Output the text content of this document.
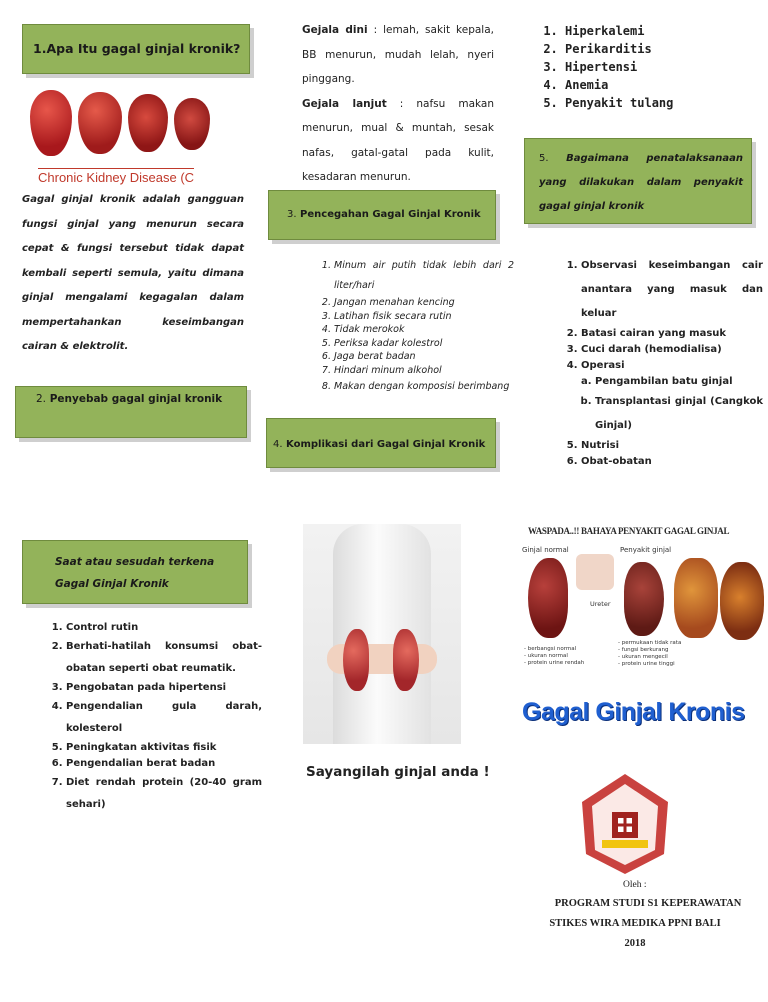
1.Apa Itu gagal ginjal kronik?
Chronic Kidney Disease (C
Gagal ginjal kronik adalah gangguan fungsi ginjal yang menurun secara cepat & fungsi tersebut tidak dapat kembali seperti semula, yaitu dimana ginjal mengalami kegagalan dalam mempertahankan keseimbangan cairan & elektrolit.
2. Penyebab gagal ginjal kronik
Saat atau sesudah terkena Gagal Ginjal Kronik
1. Control rutin
2. Berhati-hatilah konsumsi obat-obatan seperti obat reumatik.
3. Pengobatan pada hipertensi
4. Pengendalian gula darah, kolesterol
5. Peningkatan aktivitas fisik
6. Pengendalian berat badan
7. Diet rendah protein (20-40 gram sehari)
Gejala dini : lemah, sakit kepala, BB menurun, mudah lelah, nyeri pinggang.
Gejala lanjut : nafsu makan menurun, mual & muntah, sesak nafas, gatal-gatal pada kulit, kesadaran menurun.
3. Pencegahan Gagal Ginjal Kronik
1. Minum air putih tidak lebih dari 2 liter/hari
2. Jangan menahan kencing
3. Latihan fisik secara rutin
4. Tidak merokok
5. Periksa kadar kolestrol
6. Jaga berat badan
7. Hindari minum alkohol
8. Makan dengan komposisi berimbang
4. Komplikasi dari Gagal Ginjal Kronik
Sayangilah ginjal anda !
1. Hiperkalemi
2. Perikarditis
3. Hipertensi
4. Anemia
5. Penyakit tulang
5. Bagaimana penatalaksanaan yang dilakukan dalam penyakit gagal ginjal kronik
1. Observasi keseimbangan cair anantara yang masuk dan keluar
2. Batasi cairan yang masuk
3. Cuci darah (hemodialisa)
4. Operasi
a. Pengambilan batu ginjal
b. Transplantasi ginjal (Cangkok Ginjal)
5. Nutrisi
6. Obat-obatan
WASPADA..!! BAHAYA PENYAKIT GAGAL GINJAL
Ginjal normal	Penyakit ginjal
Ureter
- berbangsi normal
- ukuran normal
- protein urine rendah
- permukaan tidak rata
- fungsi berkurang
- ukuran mengecil
- protein urine tinggi
Gagal Ginjal Kronis
Oleh :
PROGRAM STUDI S1 KEPERAWATAN
STIKES WIRA MEDIKA PPNI BALI
2018
